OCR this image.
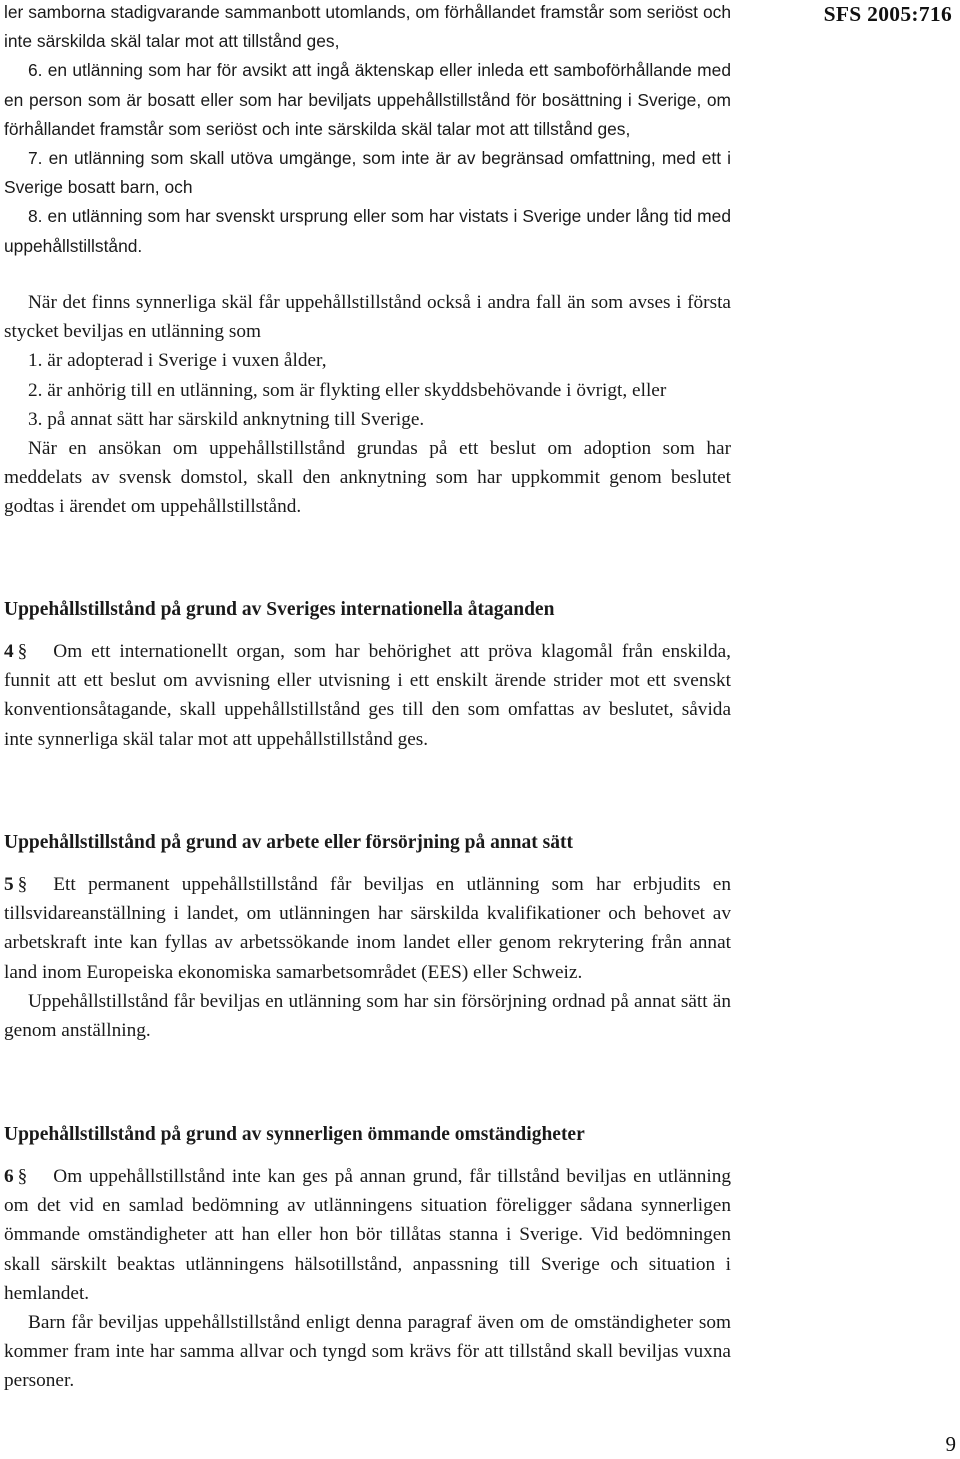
SFS 2005:716

ler samborna stadigvarande sammanbott utomlands, om förhållandet framstår som seriöst och inte särskilda skäl talar mot att tillstånd ges,

6. en utlänning som har för avsikt att ingå äktenskap eller inleda ett samboförhållande med en person som är bosatt eller som har beviljats uppehållstillstånd för bosättning i Sverige, om förhållandet framstår som seriöst och inte särskilda skäl talar mot att tillstånd ges,

7. en utlänning som skall utöva umgänge, som inte är av begränsad omfattning, med ett i Sverige bosatt barn, och

8. en utlänning som har svenskt ursprung eller som har vistats i Sverige under lång tid med uppehållstillstånd.

När det finns synnerliga skäl får uppehållstillstånd också i andra fall än som avses i första stycket beviljas en utlänning som

1. är adopterad i Sverige i vuxen ålder,

2. är anhörig till en utlänning, som är flykting eller skyddsbehövande i övrigt, eller

3. på annat sätt har särskild anknytning till Sverige.

När en ansökan om uppehållstillstånd grundas på ett beslut om adoption som har meddelats av svensk domstol, skall den anknytning som har uppkommit genom beslutet godtas i ärendet om uppehållstillstånd.

Uppehållstillstånd på grund av Sveriges internationella åtaganden

4 § Om ett internationellt organ, som har behörighet att pröva klagomål från enskilda, funnit att ett beslut om avvisning eller utvisning i ett enskilt ärende strider mot ett svenskt konventionsåtagande, skall uppehållstillstånd ges till den som omfattas av beslutet, såvida inte synnerliga skäl talar mot att uppehållstillstånd ges.

Uppehållstillstånd på grund av arbete eller försörjning på annat sätt

5 § Ett permanent uppehållstillstånd får beviljas en utlänning som har erbjudits en tillsvidareanställning i landet, om utlänningen har särskilda kvalifikationer och behovet av arbetskraft inte kan fyllas av arbetssökande inom landet eller genom rekrytering från annat land inom Europeiska ekonomiska samarbetsområdet (EES) eller Schweiz.

Uppehållstillstånd får beviljas en utlänning som har sin försörjning ordnad på annat sätt än genom anställning.

Uppehållstillstånd på grund av synnerligen ömmande omständigheter

6 § Om uppehållstillstånd inte kan ges på annan grund, får tillstånd beviljas en utlänning om det vid en samlad bedömning av utlänningens situation föreligger sådana synnerligen ömmande omständigheter att han eller hon bör tillåtas stanna i Sverige. Vid bedömningen skall särskilt beaktas utlänningens hälsotillstånd, anpassning till Sverige och situation i hemlandet.

Barn får beviljas uppehållstillstånd enligt denna paragraf även om de omständigheter som kommer fram inte har samma allvar och tyngd som krävs för att tillstånd skall beviljas vuxna personer.

9
